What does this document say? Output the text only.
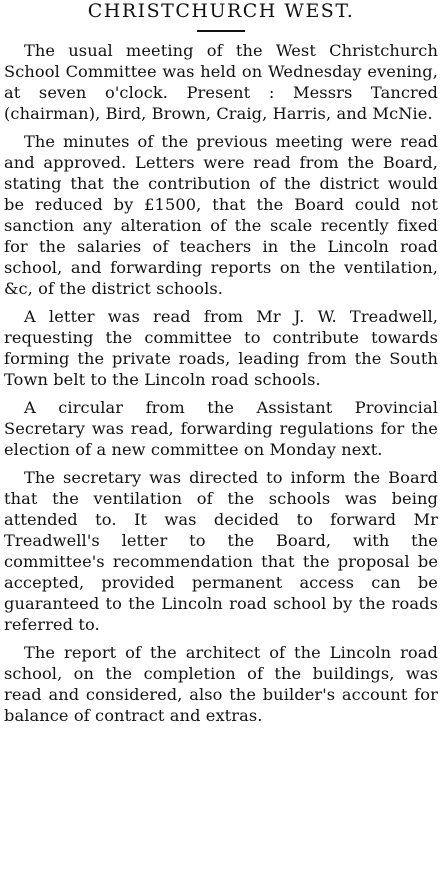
CHRISTCHURCH WEST.

The usual meeting of the West Christchurch School Committee was held on Wednesday evening, at seven o'clock. Present : Messrs Tancred (chairman), Bird, Brown, Craig, Harris, and McNie.

The minutes of the previous meeting were read and approved. Letters were read from the Board, stating that the contribution of the district would be reduced by £1500, that the Board could not sanction any alteration of the scale recently fixed for the salaries of teachers in the Lincoln road school, and forwarding reports on the ventilation, &c, of the district schools.

A letter was read from Mr J. W. Treadwell, requesting the committee to contribute towards forming the private roads, leading from the South Town belt to the Lincoln road schools.

A circular from the Assistant Provincial Secretary was read, forwarding regulations for the election of a new committee on Monday next.

The secretary was directed to inform the Board that the ventilation of the schools was being attended to. It was decided to forward Mr Treadwell's letter to the Board, with the committee's recommendation that the proposal be accepted, provided permanent access can be guaranteed to the Lincoln road school by the roads referred to.

The report of the architect of the Lincoln road school, on the completion of the buildings, was read and considered, also the builder's account for balance of contract and extras.
